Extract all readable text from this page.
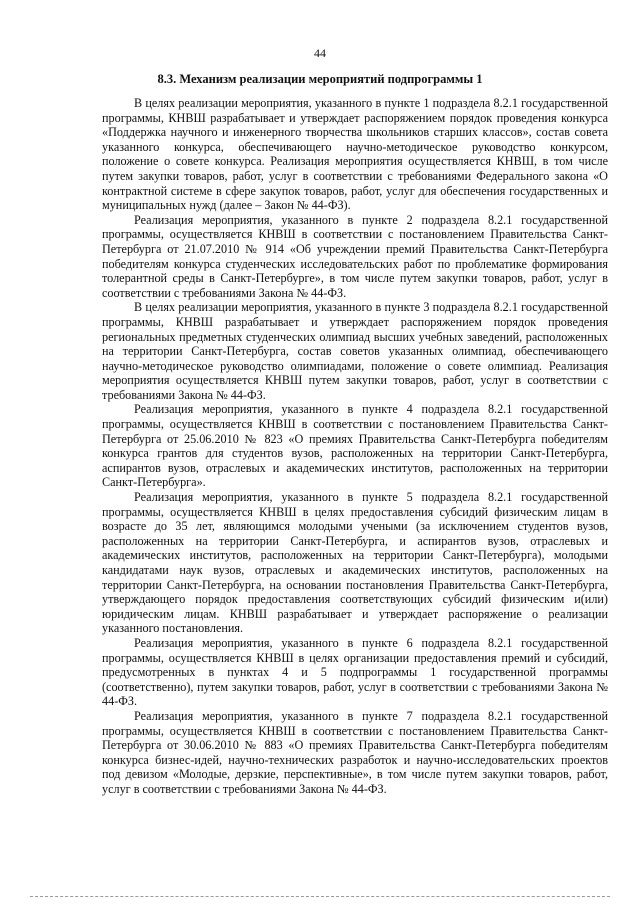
44
8.3. Механизм реализации мероприятий подпрограммы 1

В целях реализации мероприятия, указанного в пункте 1 подраздела 8.2.1 государственной программы, КНВШ разрабатывает и утверждает распоряжением порядок проведения конкурса «Поддержка научного и инженерного творчества школьников старших классов», состав совета указанного конкурса, обеспечивающего научно-методическое руководство конкурсом, положение о совете конкурса. Реализация мероприятия осуществляется КНВШ, в том числе путем закупки товаров, работ, услуг в соответствии с требованиями Федерального закона «О контрактной системе в сфере закупок товаров, работ, услуг для обеспечения государственных и муниципальных нужд (далее – Закон № 44-ФЗ).

Реализация мероприятия, указанного в пункте 2 подраздела 8.2.1 государственной программы, осуществляется КНВШ в соответствии с постановлением Правительства Санкт-Петербурга от 21.07.2010 № 914 «Об учреждении премий Правительства Санкт-Петербурга победителям конкурса студенческих исследовательских работ по проблематике формирования толерантной среды в Санкт-Петербурге», в том числе путем закупки товаров, работ, услуг в соответствии с требованиями Закона № 44-ФЗ.

В целях реализации мероприятия, указанного в пункте 3 подраздела 8.2.1 государственной программы, КНВШ разрабатывает и утверждает распоряжением порядок проведения региональных предметных студенческих олимпиад высших учебных заведений, расположенных на территории Санкт-Петербурга, состав советов указанных олимпиад, обеспечивающего научно-методическое руководство олимпиадами, положение о совете олимпиад. Реализация мероприятия осуществляется КНВШ путем закупки товаров, работ, услуг в соответствии с требованиями Закона № 44-ФЗ.

Реализация мероприятия, указанного в пункте 4 подраздела 8.2.1 государственной программы, осуществляется КНВШ в соответствии с постановлением Правительства Санкт-Петербурга от 25.06.2010 № 823 «О премиях Правительства Санкт-Петербурга победителям конкурса грантов для студентов вузов, расположенных на территории Санкт-Петербурга, аспирантов вузов, отраслевых и академических институтов, расположенных на территории Санкт-Петербурга».

Реализация мероприятия, указанного в пункте 5 подраздела 8.2.1 государственной программы, осуществляется КНВШ в целях предоставления субсидий физическим лицам в возрасте до 35 лет, являющимся молодыми учеными (за исключением студентов вузов, расположенных на территории Санкт-Петербурга, и аспирантов вузов, отраслевых и академических институтов, расположенных на территории Санкт-Петербурга), молодыми кандидатами наук вузов, отраслевых и академических институтов, расположенных на территории Санкт-Петербурга, на основании постановления Правительства Санкт-Петербурга, утверждающего порядок предоставления соответствующих субсидий физическим и(или) юридическим лицам. КНВШ разрабатывает и утверждает распоряжение о реализации указанного постановления.

Реализация мероприятия, указанного в пункте 6 подраздела 8.2.1 государственной программы, осуществляется КНВШ в целях организации предоставления премий и субсидий, предусмотренных в пунктах 4 и 5 подпрограммы 1 государственной программы (соответственно), путем закупки товаров, работ, услуг в соответствии с требованиями Закона № 44-ФЗ.

Реализация мероприятия, указанного в пункте 7 подраздела 8.2.1 государственной программы, осуществляется КНВШ в соответствии с постановлением Правительства Санкт-Петербурга от 30.06.2010 № 883 «О премиях Правительства Санкт-Петербурга победителям конкурса бизнес-идей, научно-технических разработок и научно-исследовательских проектов под девизом «Молодые, дерзкие, перспективные», в том числе путем закупки товаров, работ, услуг в соответствии с требованиями Закона № 44-ФЗ.
